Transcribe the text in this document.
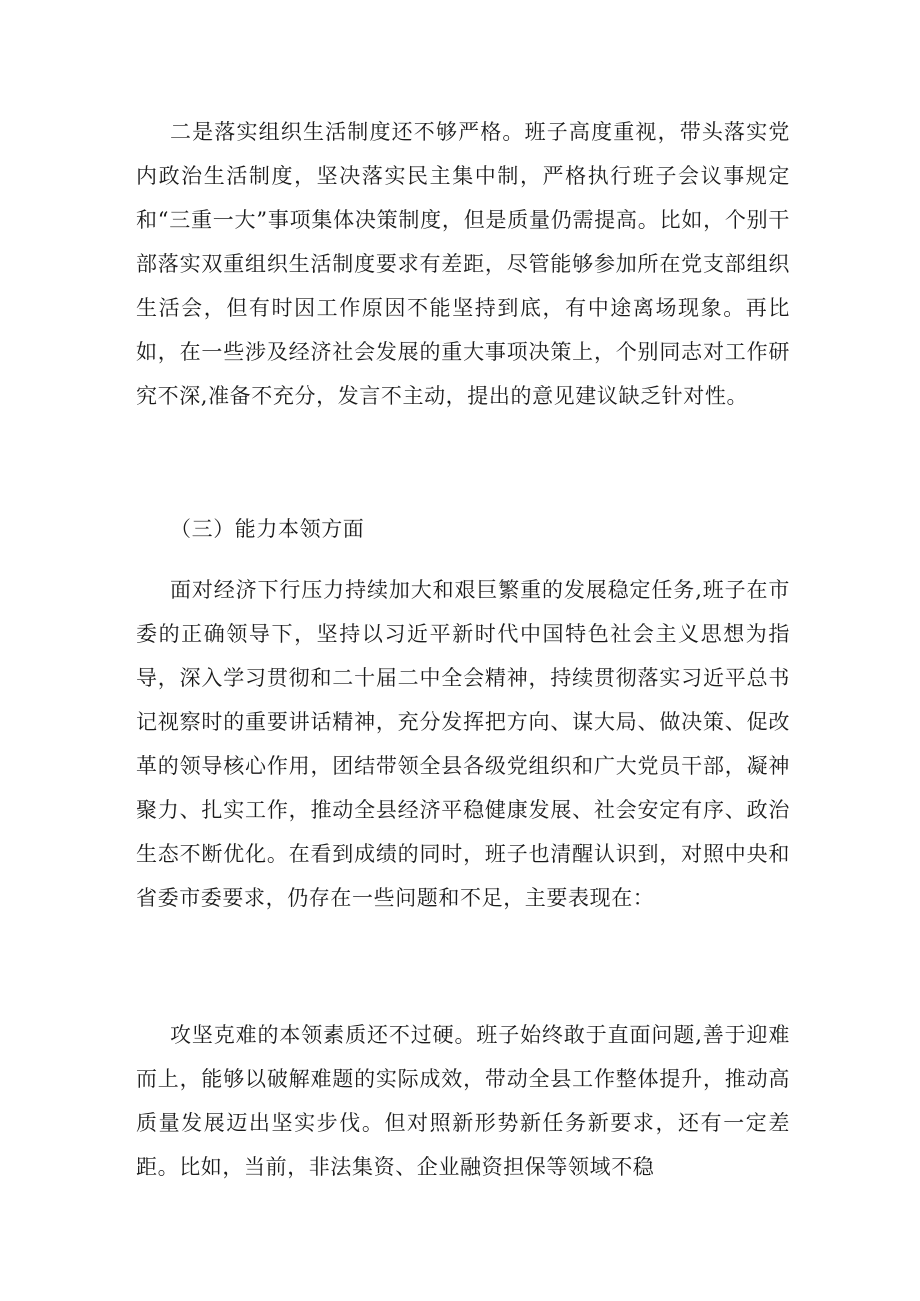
二是落实组织生活制度还不够严格。班子高度重视，带头落实党内政治生活制度，坚决落实民主集中制，严格执行班子会议事规定和“三重一大”事项集体决策制度，但是质量仍需提高。比如，个别干部落实双重组织生活制度要求有差距，尽管能够参加所在党支部组织生活会，但有时因工作原因不能坚持到底，有中途离场现象。再比如，在一些涉及经济社会发展的重大事项决策上，个别同志对工作研究不深,准备不充分，发言不主动，提出的意见建议缺乏针对性。

（三）能力本领方面

面对经济下行压力持续加大和艰巨繁重的发展稳定任务,班子在市委的正确领导下，坚持以习近平新时代中国特色社会主义思想为指导，深入学习贯彻和二十届二中全会精神，持续贯彻落实习近平总书记视察时的重要讲话精神，充分发挥把方向、谋大局、做决策、促改革的领导核心作用，团结带领全县各级党组织和广大党员干部，凝神聚力、扎实工作，推动全县经济平稳健康发展、社会安定有序、政治生态不断优化。在看到成绩的同时，班子也清醒认识到，对照中央和省委市委要求，仍存在一些问题和不足，主要表现在：

攻坚克难的本领素质还不过硬。班子始终敢于直面问题,善于迎难而上，能够以破解难题的实际成效，带动全县工作整体提升，推动高质量发展迈出坚实步伐。但对照新形势新任务新要求，还有一定差距。比如，当前，非法集资、企业融资担保等领域不稳
